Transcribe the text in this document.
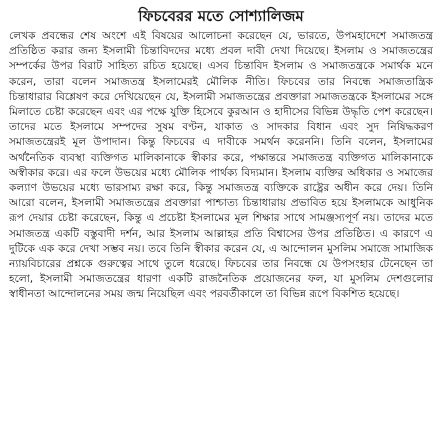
ফিচবেরর মতে সোশ্যালিজম

লেখক প্রবন্ধের শেষ অংশে এই বিষয়ের আলোচনা করেছেন যে, ভারতে, উপমহাদেশে সমাজতন্ত্র প্রতিষ্ঠিত করার জন্য ইসলামী চিন্তাবিদদের মধ্যে প্রবল দাবী দেখা দিয়েছে। ইসলাম ও সমাজতন্ত্রের সম্পর্কের উপর বিরাট সাহিত্য রচিত হয়েছে। এসব চিন্তাবিদ ইসলাম ও সমাজতন্ত্রকে সমার্থক মনে করেন, তারা বলেন সমাজতন্ত্র ইসলামেরই মৌলিক নীতি। ফিচবের তার নিবন্ধে সমাজতান্ত্রিক চিন্তাধারার বিশ্লেষণ করে দেখিয়েছেন যে, ইসলামী সমাজতন্ত্রের প্রবক্তারা সমাজতন্ত্রকে ইসলামের সঙ্গে মিলাতে চেষ্টা করেছেন এবং এর পক্ষে যুক্তি হিসেবে কুরআন ও হাদীসের বিভিন্ন উদ্ধৃতি পেশ করেছেন। তাদের মতে ইসলামে সম্পদের সুষম বণ্টন, যাকাত ও সাদকার বিধান এবং সুদ নিষিদ্ধকরণ সমাজতন্ত্রেরই মূল উপাদান। কিন্তু ফিচবের এ দাবীকে সমর্থন করেননি। তিনি বলেন, ইসলামের অর্থনৈতিক ব্যবস্থা ব্যক্তিগত মালিকানাকে স্বীকার করে, পক্ষান্তরে সমাজতন্ত্র ব্যক্তিগত মালিকানাকে অস্বীকার করে। এর ফলে উভয়ের মধ্যে মৌলিক পার্থক্য বিদ্যমান। ইসলাম ব্যক্তির অধিকার ও সমাজের কল্যাণ উভয়ের মধ্যে ভারসাম্য রক্ষা করে, কিন্তু সমাজতন্ত্র ব্যক্তিকে রাষ্ট্রের অধীন করে দেয়। তিনি আরো বলেন, ইসলামী সমাজতন্ত্রের প্রবক্তারা পাশ্চাত্য চিন্তাধারায় প্রভাবিত হয়ে ইসলামকে আধুনিক রূপ দেয়ার চেষ্টা করেছেন, কিন্তু এ প্রচেষ্টা ইসলামের মূল শিক্ষার সাথে সামঞ্জস্যপূর্ণ নয়। তাদের মতে সমাজতন্ত্র একটি বস্তুবাদী দর্শন, আর ইসলাম আল্লাহর প্রতি বিশ্বাসের উপর প্রতিষ্ঠিত। এ কারণে এ দুটিকে এক করে দেখা সম্ভব নয়। তবে তিনি স্বীকার করেন যে, এ আন্দোলন মুসলিম সমাজে সামাজিক ন্যায়বিচারের প্রশ্নকে গুরুত্বের সাথে তুলে ধরেছে। ফিচবের তার নিবন্ধে যে উপসংহার টেনেছেন তা হলো, ইসলামী সমাজতন্ত্রের ধারণা একটি রাজনৈতিক প্রয়োজনের ফল, যা মুসলিম দেশগুলোর স্বাধীনতা আন্দোলনের সময় জন্ম নিয়েছিল এবং পরবর্তীকালে তা বিভিন্ন রূপে বিকশিত হয়েছে।
